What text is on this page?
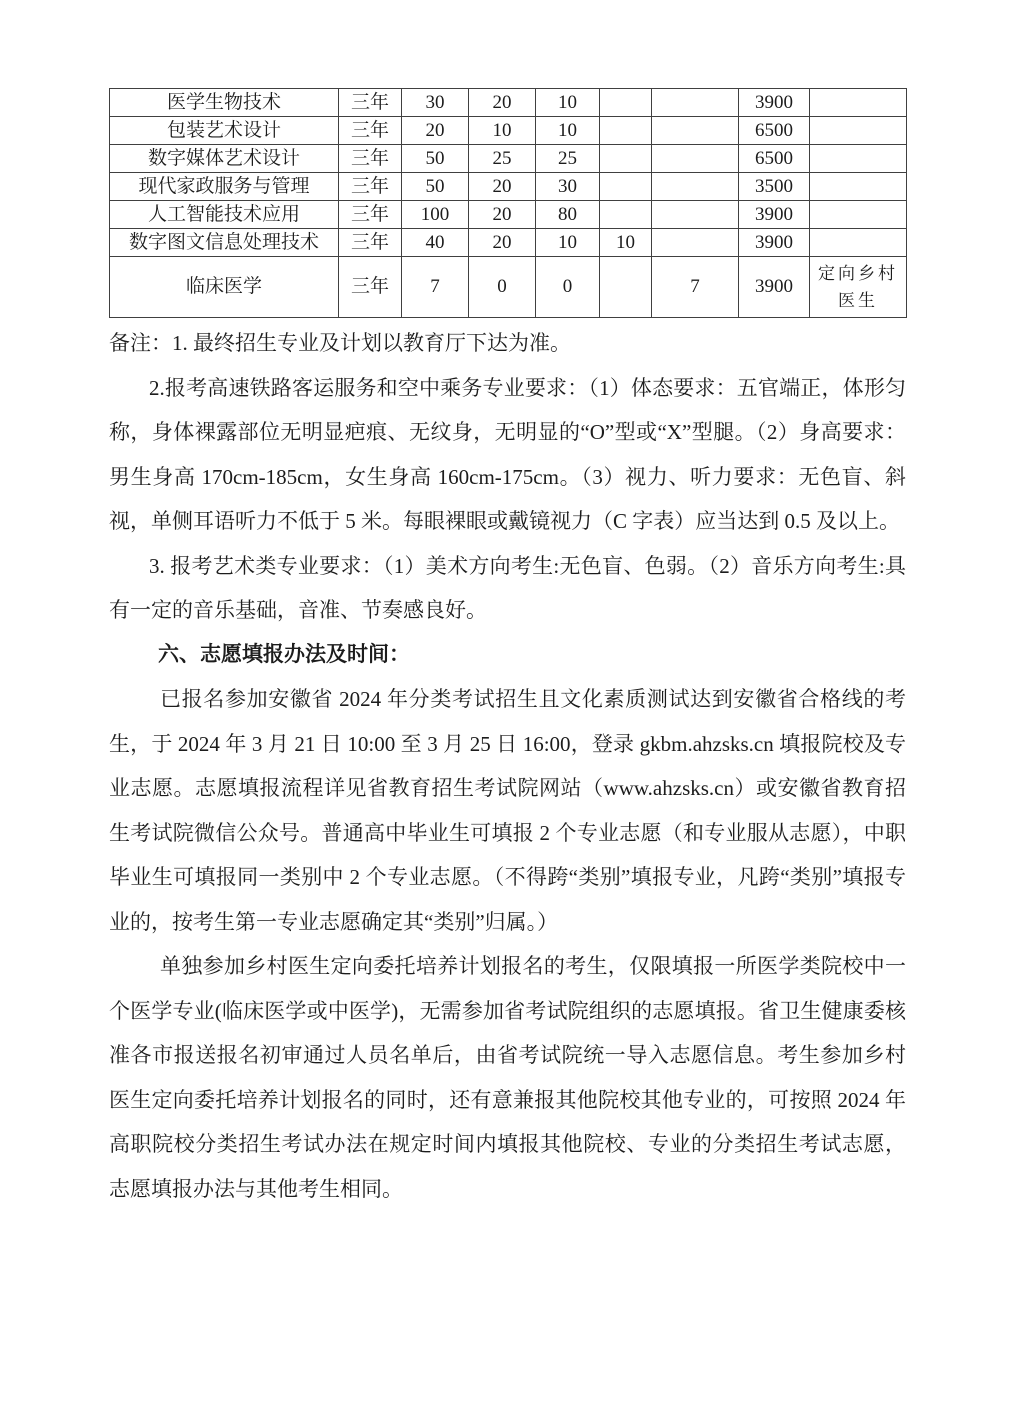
医学生物技术	三年	30	20	10			3900	
包装艺术设计	三年	20	10	10			6500	
数字媒体艺术设计	三年	50	25	25			6500	
现代家政服务与管理	三年	50	20	30			3500	
人工智能技术应用	三年	100	20	80			3900	
数字图文信息处理技术	三年	40	20	10	10		3900	
临床医学	三年	7	0	0		7	3900	定向乡村医生

备注：1. 最终招生专业及计划以教育厅下达为准。

2.报考高速铁路客运服务和空中乘务专业要求：（1）体态要求：五官端正，体形匀称，身体裸露部位无明显疤痕、无纹身，无明显的“O”型或“X”型腿。（2）身高要求：男生身高 170cm-185cm，女生身高 160cm-175cm。（3）视力、听力要求：无色盲、斜视，单侧耳语听力不低于 5 米。每眼裸眼或戴镜视力（C 字表）应当达到 0.5 及以上。

3. 报考艺术类专业要求：（1）美术方向考生:无色盲、色弱。（2）音乐方向考生:具有一定的音乐基础，音准、节奏感良好。

六、志愿填报办法及时间：

已报名参加安徽省 2024 年分类考试招生且文化素质测试达到安徽省合格线的考生，于 2024 年 3 月 21 日 10:00 至 3 月 25 日 16:00，登录 gkbm.ahzsks.cn 填报院校及专业志愿。志愿填报流程详见省教育招生考试院网站（www.ahzsks.cn）或安徽省教育招生考试院微信公众号。普通高中毕业生可填报 2 个专业志愿（和专业服从志愿），中职毕业生可填报同一类别中 2 个专业志愿。（不得跨“类别”填报专业，凡跨“类别”填报专业的，按考生第一专业志愿确定其“类别”归属。）

单独参加乡村医生定向委托培养计划报名的考生，仅限填报一所医学类院校中一个医学专业(临床医学或中医学)，无需参加省考试院组织的志愿填报。省卫生健康委核准各市报送报名初审通过人员名单后，由省考试院统一导入志愿信息。考生参加乡村医生定向委托培养计划报名的同时，还有意兼报其他院校其他专业的，可按照 2024 年高职院校分类招生考试办法在规定时间内填报其他院校、专业的分类招生考试志愿，志愿填报办法与其他考生相同。
